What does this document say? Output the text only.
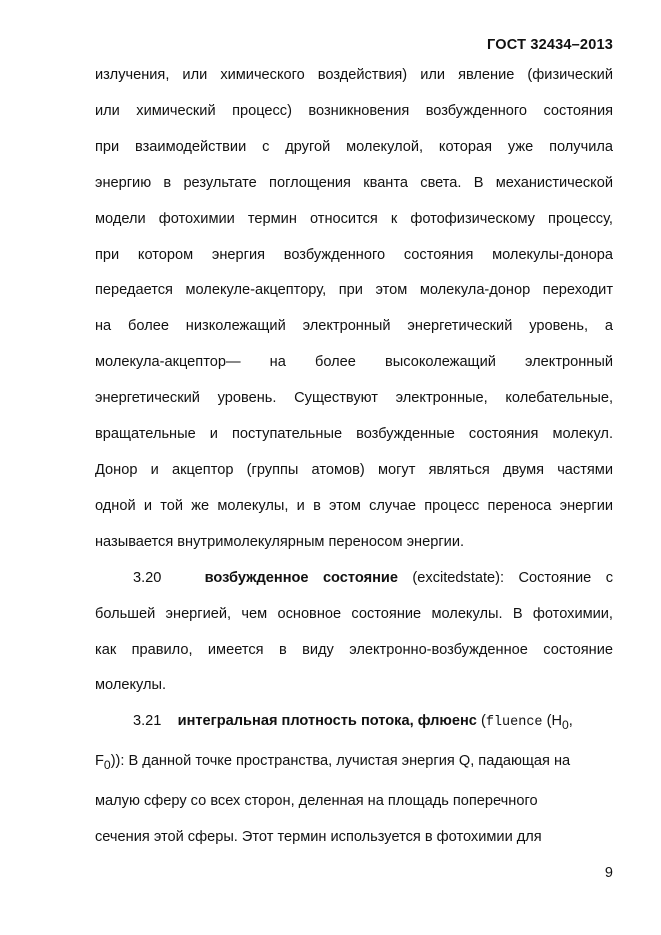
ГОСТ 32434–2013

излучения, или химического воздействия) или явление (физический

или химический процесс) возникновения возбужденного состояния

при взаимодействии с другой молекулой, которая уже получила

энергию в результате поглощения кванта света. В механистической

модели фотохимии термин относится к фотофизическому процессу,

при котором энергия возбужденного состояния молекулы-донора

передается молекуле-акцептору, при этом молекула-донор переходит

на более низколежащий электронный энергетический уровень, а

молекула-акцептор— на более высоколежащий электронный

энергетический уровень. Существуют электронные, колебательные,

вращательные и поступательные возбужденные состояния молекул.

Донор и акцептор (группы атомов) могут являться двумя частями

одной и той же молекулы, и в этом случае процесс переноса энергии

называется внутримолекулярным переносом энергии.

3.20	возбужденное состояние (excitedstate): Состояние с

большей энергией, чем основное состояние молекулы. В фотохимии,

как правило, имеется в виду электронно-возбужденное состояние

молекулы.

3.21 интегральная плотность потока, флюенс (fluence ($H_0$,

$F_0$)): В данной точке пространства, лучистая энергия Q, падающая на

малую сферу со всех сторон, деленная на площадь поперечного

сечения этой сферы. Этот термин используется в фотохимии для

9
